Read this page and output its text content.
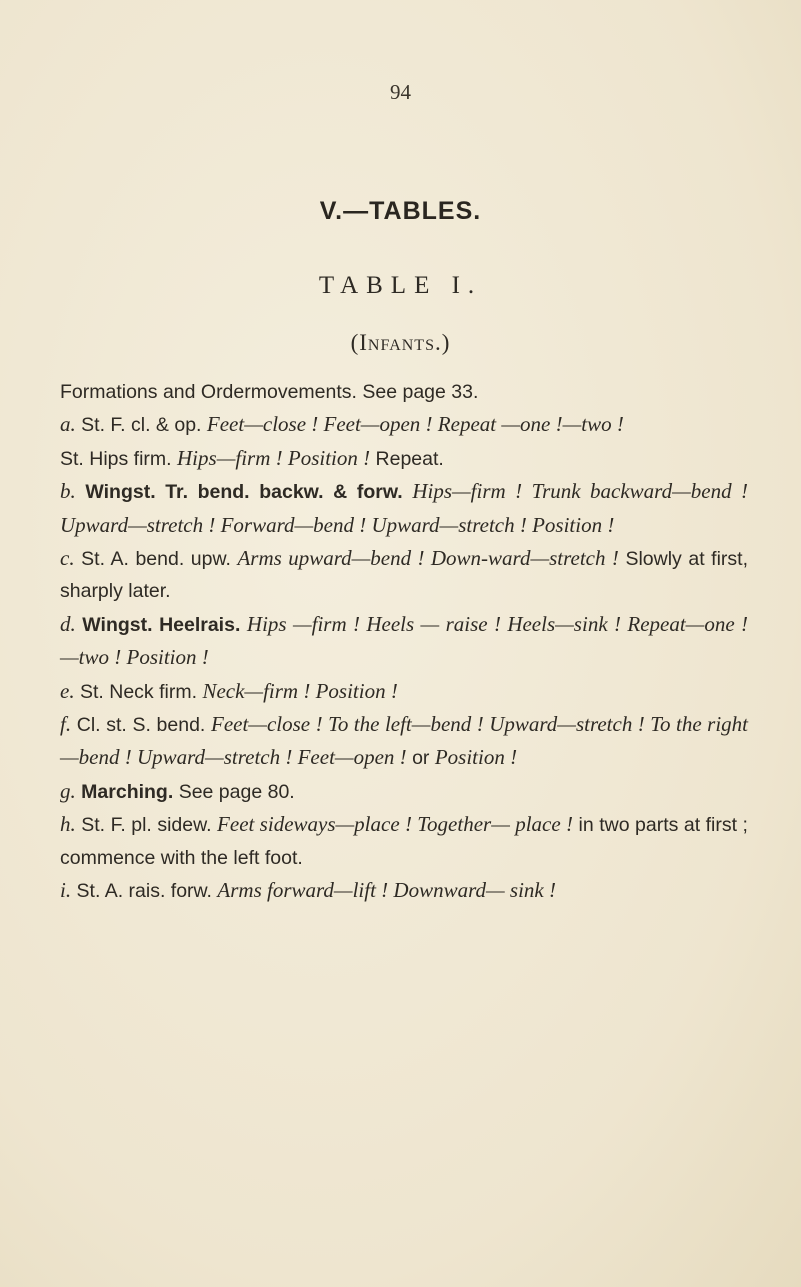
94
V.—TABLES.
TABLE I.
(Infants.)

Formations and Ordermovements. See page 33.

a. St. F. cl. & op. Feet—close ! Feet—open ! Repeat —one !—two !

St. Hips firm. Hips—firm ! Position ! Repeat.

b. Wingst. Tr. bend. backw. & forw. Hips—firm ! Trunk backward—bend ! Upward—stretch ! Forward—bend ! Upward—stretch ! Position !

c. St. A. bend. upw. Arms upward—bend ! Down-ward—stretch ! Slowly at first, sharply later.

d. Wingst. Heelrais. Hips —firm ! Heels — raise ! Heels—sink ! Repeat—one !—two ! Position !

e. St. Neck firm. Neck—firm ! Position !

f. Cl. st. S. bend. Feet—close ! To the left—bend ! Upward—stretch ! To the right—bend ! Upward—stretch ! Feet—open ! or Position !

g. Marching. See page 80.

h. St. F. pl. sidew. Feet sideways—place ! Together— place ! in two parts at first ; commence with the left foot.

i. St. A. rais. forw. Arms forward—lift ! Downward— sink !
